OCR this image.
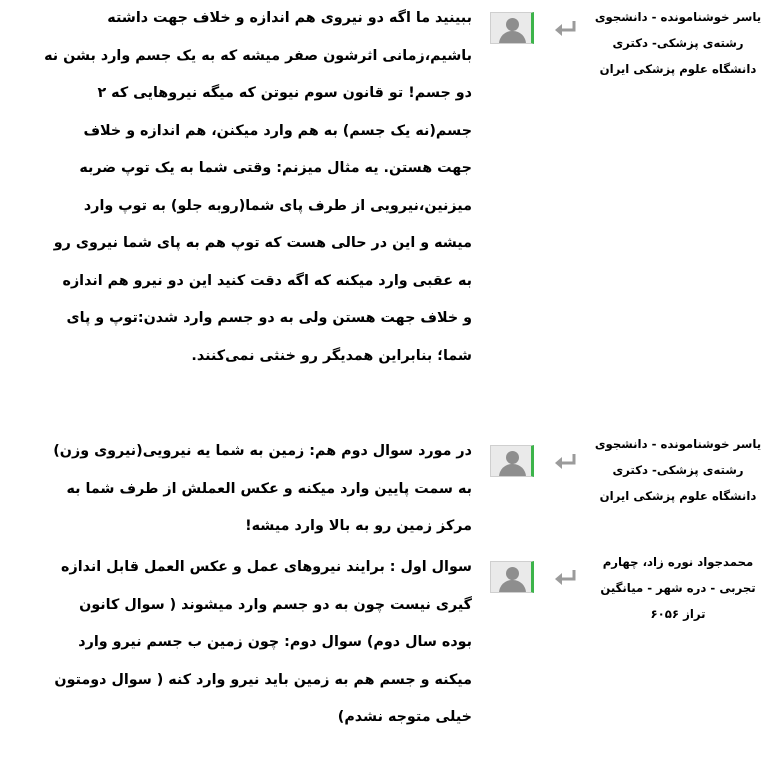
ببینید ما اگه دو نیروی هم اندازه و خلاف جهت داشته
باشیم،زمانی اثرشون صفر میشه که به یک جسم وارد بشن نه
دو جسم! تو قانون سوم نیوتن که میگه نیروهایی که ۲
جسم(نه یک جسم) به هم وارد میکنن، هم اندازه و خلاف
جهت هستن. یه مثال میزنم: وقتی شما به یک توپ ضربه
میزنین،نیرویی از طرف پای شما(روبه جلو) به توپ وارد
میشه و این در حالی هست که توپ هم به پای شما نیروی رو
به عقبی وارد میکنه که اگه دقت کنید این دو نیرو هم اندازه
و خلاف جهت هستن ولی به دو جسم وارد شدن:توپ و پای
شما؛ بنابراین همدیگر رو خنثی نمی‌کنند.
یاسر خوشنامونده - دانشجوی
رشته‌ی پزشکی- دکتری
دانشگاه علوم پزشکی ایران
در مورد سوال دوم هم: زمین به شما یه نیرویی(نیروی وزن)
به سمت پایین وارد میکنه و عکس العملش از طرف شما به
مرکز زمین رو به بالا وارد میشه!
یاسر خوشنامونده - دانشجوی
رشته‌ی پزشکی- دکتری
دانشگاه علوم پزشکی ایران
سوال اول : برایند نیروهای عمل و عکس العمل قابل اندازه
گیری نیست چون به دو جسم وارد میشوند ( سوال کانون
بوده سال دوم) سوال دوم: چون زمین ب جسم نیرو وارد
میکنه و جسم هم به زمین باید نیرو وارد کنه ( سوال دومتون
خیلی متوجه نشدم)
محمدجواد نوره زاد، چهارم
تجربی - دره شهر - میانگین
تراز ۶۰۵۶
